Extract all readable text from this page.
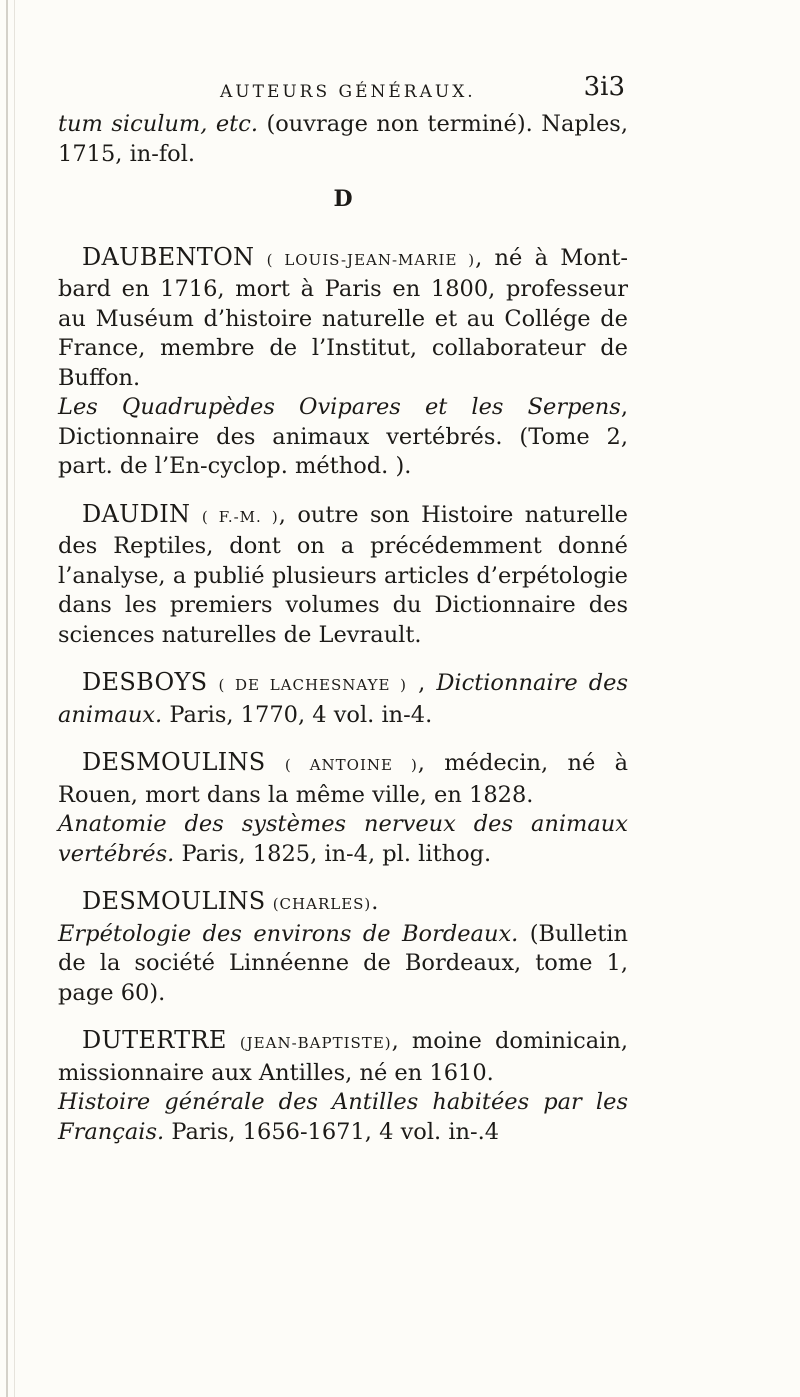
AUTEURS GÉNÉRAUX.	3i3

tum siculum, etc. (ouvrage non terminé). Naples, 1715, in-fol.

D

DAUBENTON ( LOUIS-JEAN-MARIE ), né à Mont-bard en 1716, mort à Paris en 1800, professeur au Muséum d’histoire naturelle et au Collége de France, membre de l’Institut, collaborateur de Buffon.

Les Quadrupèdes Ovipares et les Serpens, Dictionnaire des animaux vertébrés. (Tome 2, part. de l’En-cyclop. méthod. ).

DAUDIN ( F.-M. ), outre son Histoire naturelle des Reptiles, dont on a précédemment donné l’analyse, a publié plusieurs articles d’erpétologie dans les premiers volumes du Dictionnaire des sciences naturelles de Levrault.

DESBOYS ( DE LACHESNAYE ) , Dictionnaire des animaux. Paris, 1770, 4 vol. in-4.

DESMOULINS ( ANTOINE ), médecin, né à Rouen, mort dans la même ville, en 1828.

Anatomie des systèmes nerveux des animaux vertébrés. Paris, 1825, in-4, pl. lithog.

DESMOULINS (CHARLES).

Erpétologie des environs de Bordeaux. (Bulletin de la société Linnéenne de Bordeaux, tome 1, page 60).

DUTERTRE (JEAN-BAPTISTE), moine dominicain, missionnaire aux Antilles, né en 1610.

Histoire générale des Antilles habitées par les Français. Paris, 1656-1671, 4 vol. in-.4
